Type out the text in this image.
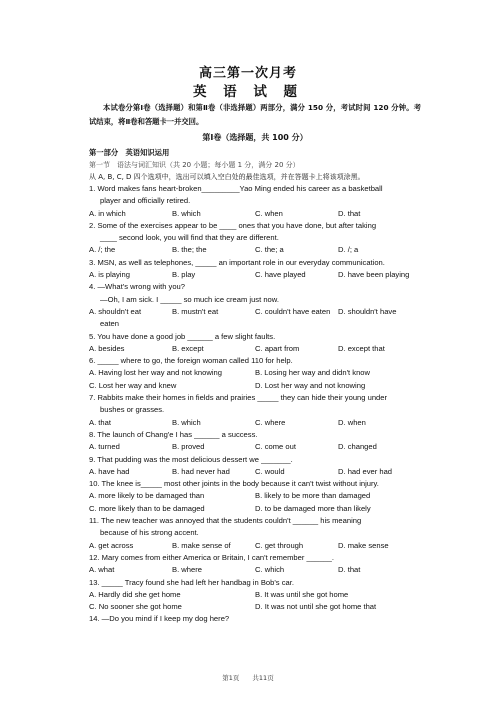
高三第一次月考
英 语 试 题

本试卷分第Ⅰ卷（选择题）和第Ⅱ卷（非选择题）两部分，满分 150 分，考试时间 120 分钟。考试结束，将Ⅱ卷和答题卡一并交回。

第Ⅰ卷（选择题，共 100 分）

第一部分　英语知识运用

第一节　语法与词汇知识（共 20 小题；每小题 1 分，满分 20 分）

从 A, B, C, D 四个选项中，选出可以填入空白处的最佳选项，并在答题卡上将该项涂黑。

1. Word makes fans heart-broken_________Yao Ming ended his career as a basketball

player and officially retired.

A. in which	B. which	C. when	D. that

2. Some of the exercises appear to be ____ ones that you have done, but after taking

____ second look, you will find that they are different.

A. /; the	B. the; the	C. the; a	D. /; a

3. MSN, as well as telephones, _____ an important role in our everyday communication.

A. is playing	B. play	C. have played	D. have been playing

4. —What's wrong with you?

—Oh, I am sick. I _____ so much ice cream just now.

A. shouldn't eat	B. mustn't eat	C. couldn't have eaten	D. shouldn't have

eaten

5. You have done a good job ______ a few slight faults.

A. besides	B. except	C. apart from	D. except that

6. _____ where to go, the foreign woman called 110 for help.

A. Having lost her way and not knowing	B. Losing her way and didn't know
C. Lost her way and knew	D. Lost her way and not knowing

7. Rabbits make their homes in fields and prairies _____ they can hide their young under

bushes or grasses.

A. that	B. which	C. where	D. when

8. The launch of Chang'e I has ______ a success.

A. turned	B. proved	C. come out	D. changed

9. That pudding was the most delicious dessert we _______.

A. have had	B. had never had	C. would	D. had ever had

10. The knee is_____ most other joints in the body because it can't twist without injury.

A. more likely to be damaged than	B. likely to be more than damaged
C. more likely than to be damaged	D. to be damaged more than likely

11. The new teacher was annoyed that the students couldn't ______ his meaning

because of his strong accent.

A. get across	B. make sense of	C. get through	D. make sense

12. Mary comes from either America or Britain, I can't remember ______.

A. what	B. where	C. which	D. that

13. _____ Tracy found she had left her handbag in Bob's car.

A. Hardly did she get home	B. It was until she got home
C. No sooner she got home	D. It was not until she got home that

14. —Do you mind if I keep my dog here?

第1页　　共11页
